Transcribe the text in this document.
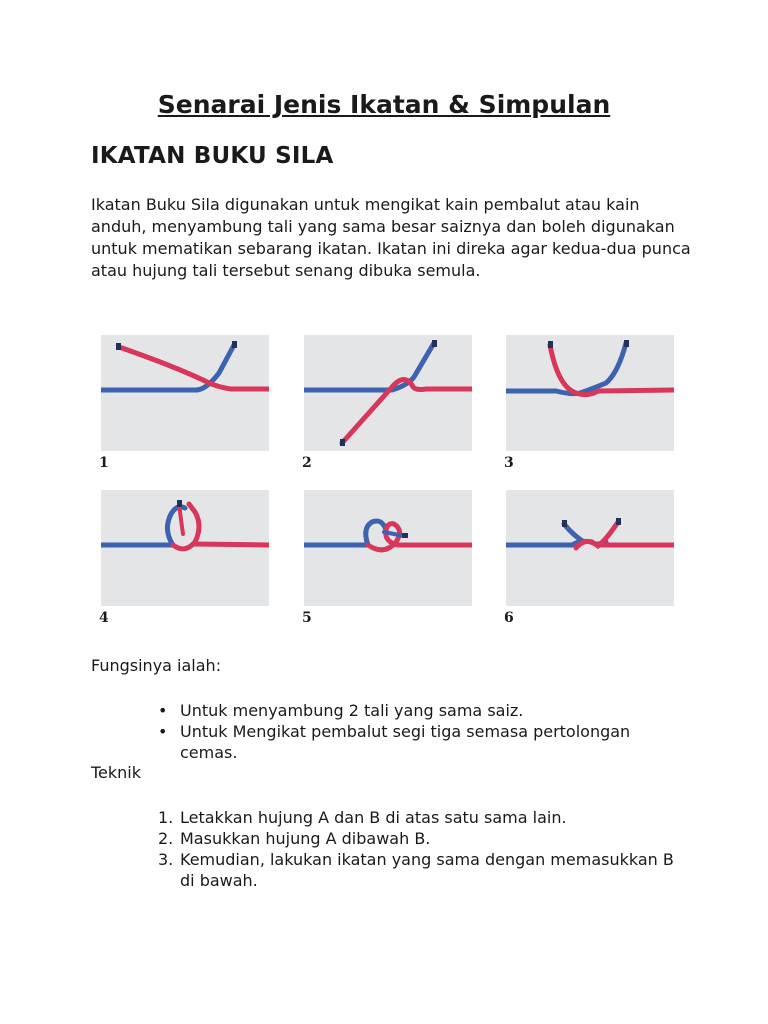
Senarai Jenis Ikatan & Simpulan
IKATAN BUKU SILA

Ikatan Buku Sila digunakan untuk mengikat kain pembalut atau kain anduh, menyambung tali yang sama besar saiznya dan boleh digunakan untuk mematikan sebarang ikatan. Ikatan ini direka agar kedua-dua punca atau hujung tali tersebut senang dibuka semula.

1	2	3
4	5	6

Fungsinya ialah:

• Untuk menyambung 2 tali yang sama saiz.
• Untuk Mengikat pembalut segi tiga semasa pertolongan cemas.

Teknik

1. Letakkan hujung A dan B di atas satu sama lain.
2. Masukkan hujung A dibawah B.
3. Kemudian, lakukan ikatan yang sama dengan memasukkan B di bawah.
